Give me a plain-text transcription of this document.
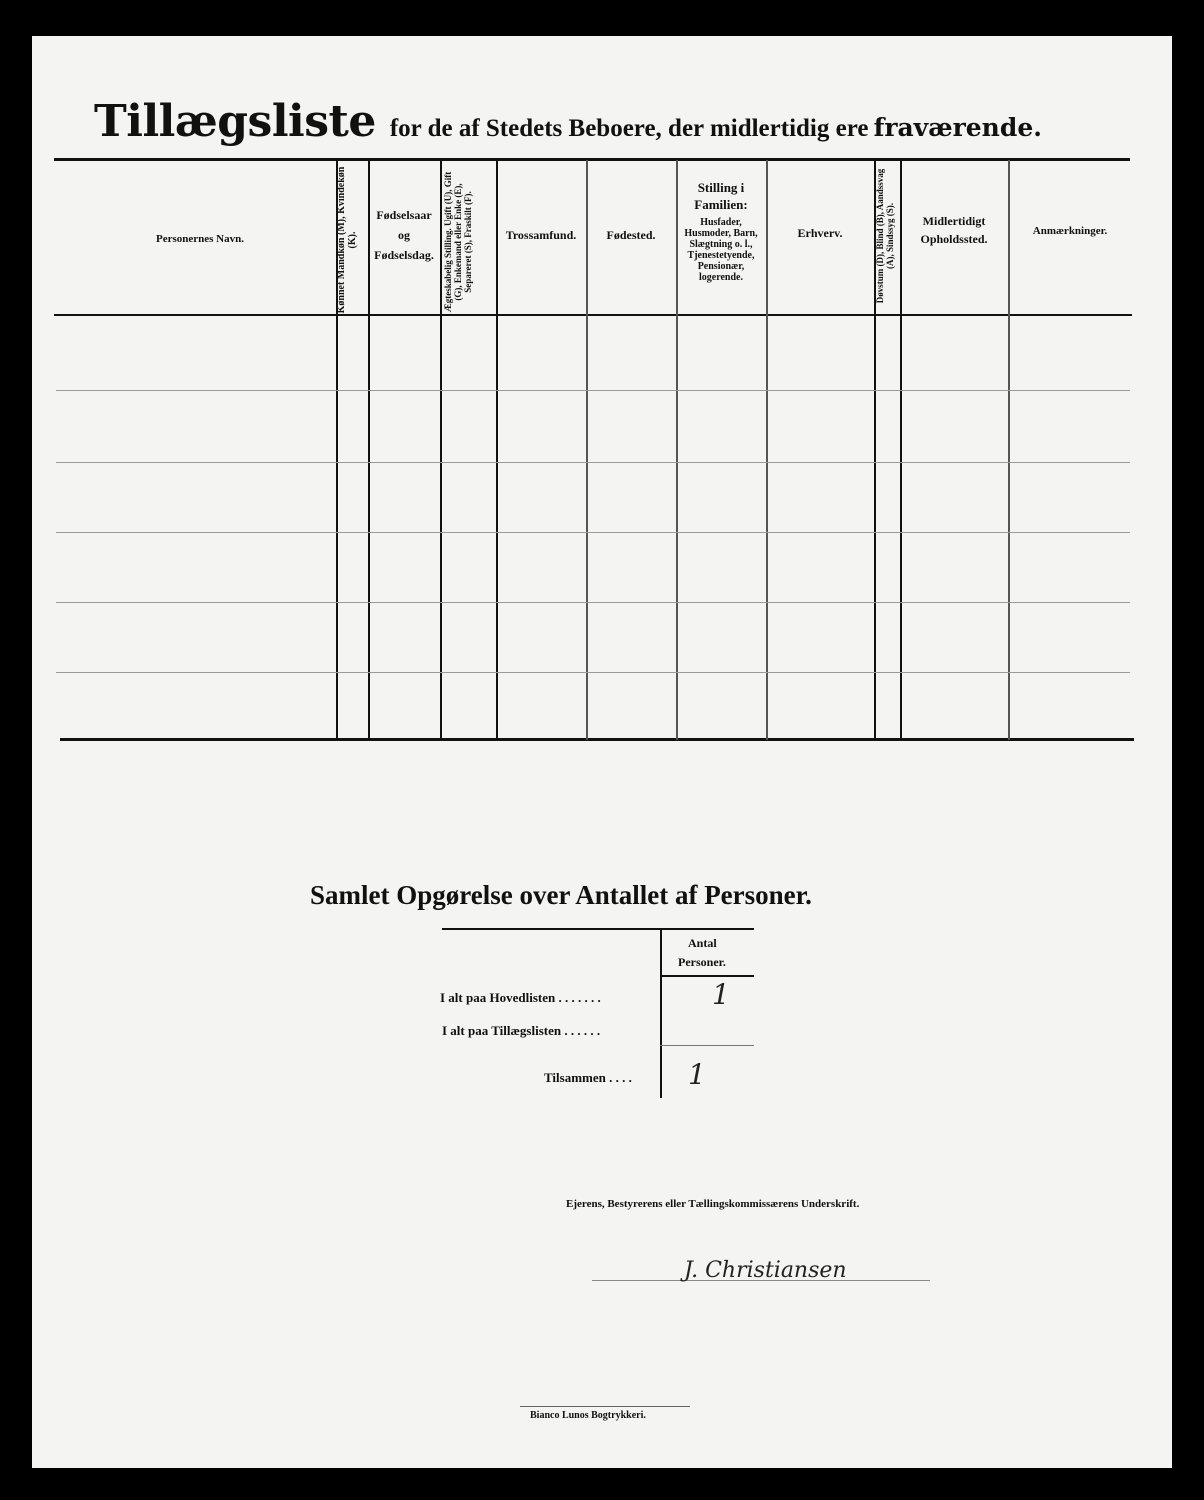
Tillægsliste for de af Stedets Beboere, der midlertidig ere fraværende.
Personernes Navn.	Kønnet Mandkøn (M), Kvindekøn (K).
Fødselsaar
og
Fødselsdag.	Ægteskabelig Stilling. Ugift (U), Gift (G), Enkemand eller Enke (E), Separeret (S), Fraskilt (F).	Trossamfund.	Fødested.
Stilling i
Familien:
Husfader, Husmoder, Barn, Slægtning o. l., Tjenestetyende, Pensionær, logerende.
Erhverv.	Døvstum (D), Blind (B), Aandssvag (A), Sindssyg (S).	Midlertidigt
Opholdssted.
Anmærkninger.
Samlet Opgørelse over Antallet af Personer.
Antal
Personer.
I alt paa Hovedlisten . . . . . . .	1
I alt paa Tillægslisten . . . . . .
Tilsammen . . . . 1
Ejerens, Bestyrerens eller Tællingskommissærens Underskrift.
J. Christiansen
Bianco Lunos Bogtrykkeri.
